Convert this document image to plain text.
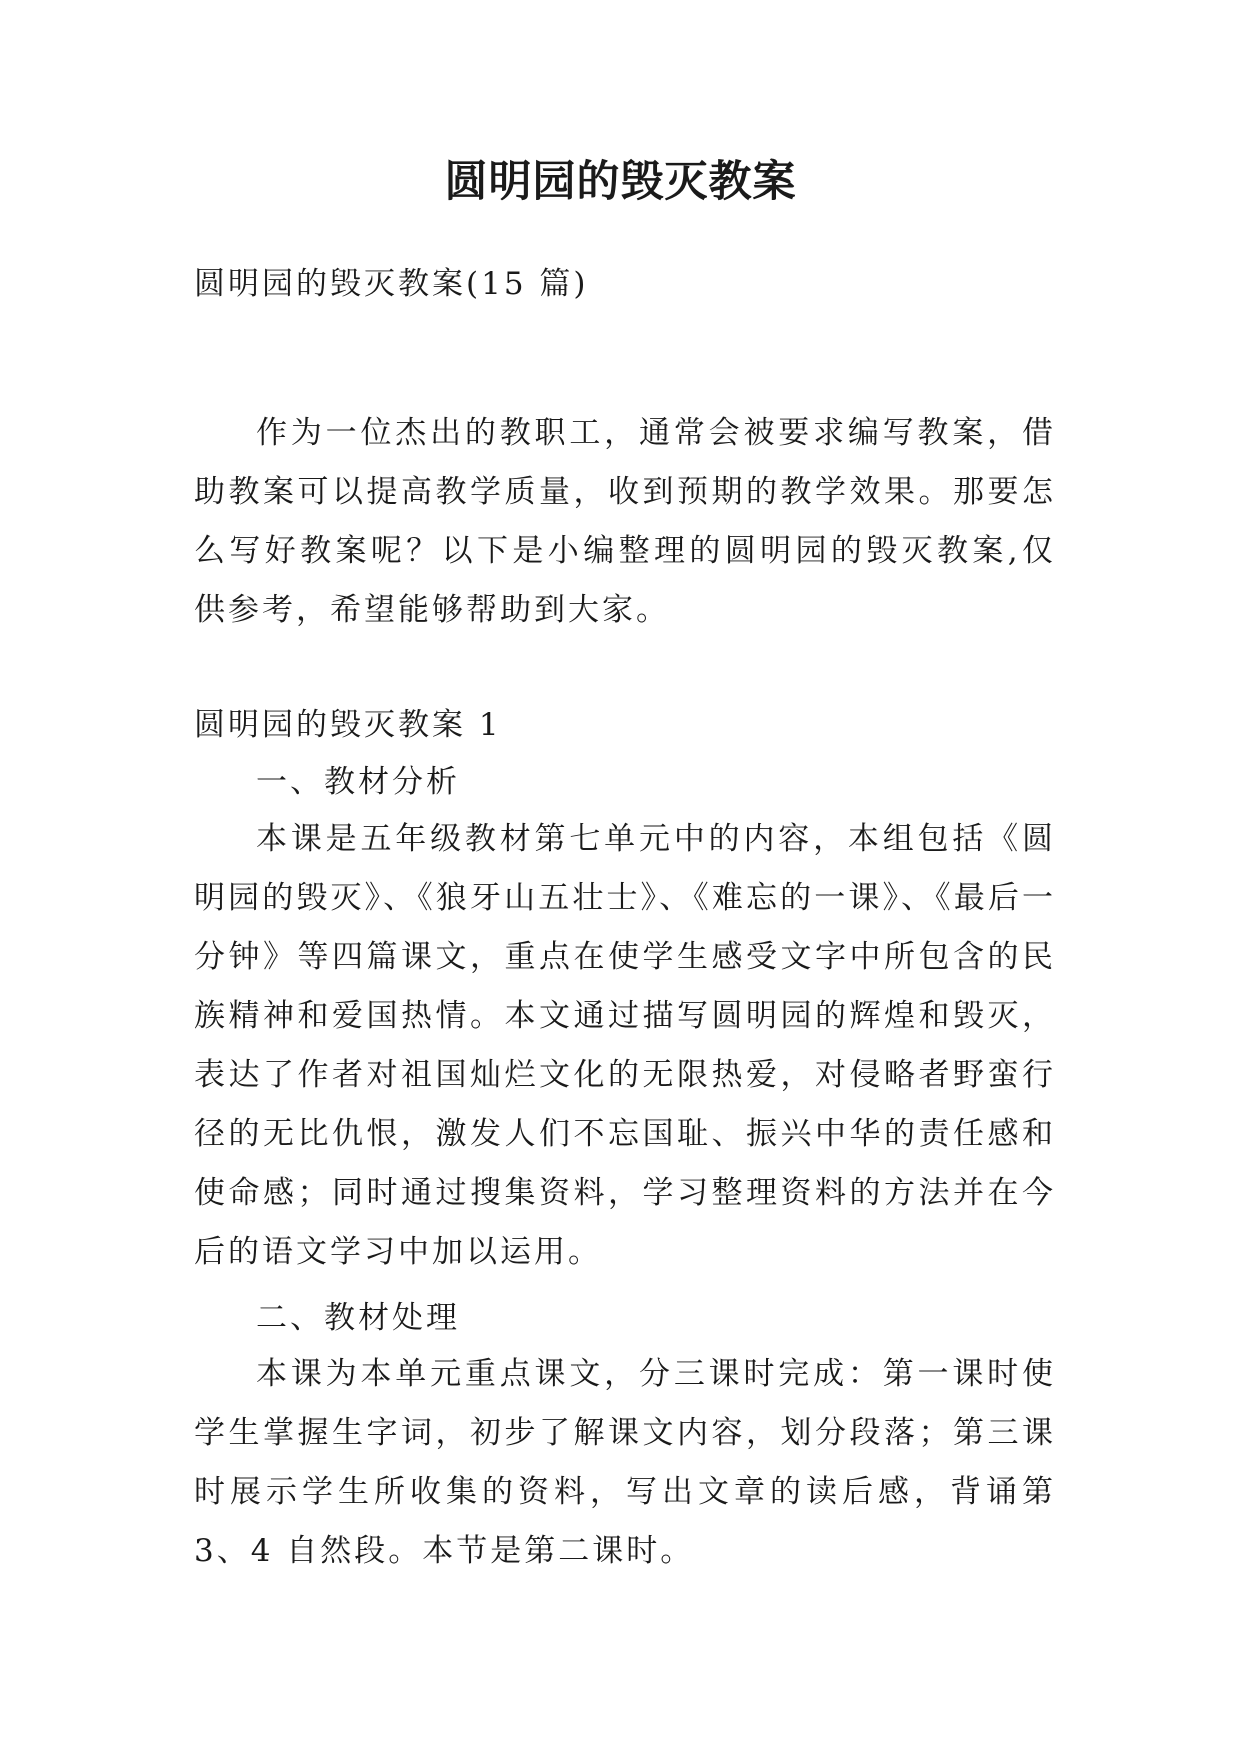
圆明园的毁灭教案

圆明园的毁灭教案(15 篇)

作为一位杰出的教职工，通常会被要求编写教案，借助教案可以提高教学质量，收到预期的教学效果。那要怎么写好教案呢？以下是小编整理的圆明园的毁灭教案,仅供参考，希望能够帮助到大家。

圆明园的毁灭教案 1

一、教材分析

本课是五年级教材第七单元中的内容，本组包括《圆明园的毁灭》、《狼牙山五壮士》、《难忘的一课》、《最后一分钟》等四篇课文，重点在使学生感受文字中所包含的民族精神和爱国热情。本文通过描写圆明园的辉煌和毁灭，表达了作者对祖国灿烂文化的无限热爱，对侵略者野蛮行径的无比仇恨，激发人们不忘国耻、振兴中华的责任感和使命感；同时通过搜集资料，学习整理资料的方法并在今后的语文学习中加以运用。

二、教材处理

本课为本单元重点课文，分三课时完成：第一课时使学生掌握生字词，初步了解课文内容，划分段落；第三课时展示学生所收集的资料，写出文章的读后感，背诵第 3、4 自然段。本节是第二课时。
